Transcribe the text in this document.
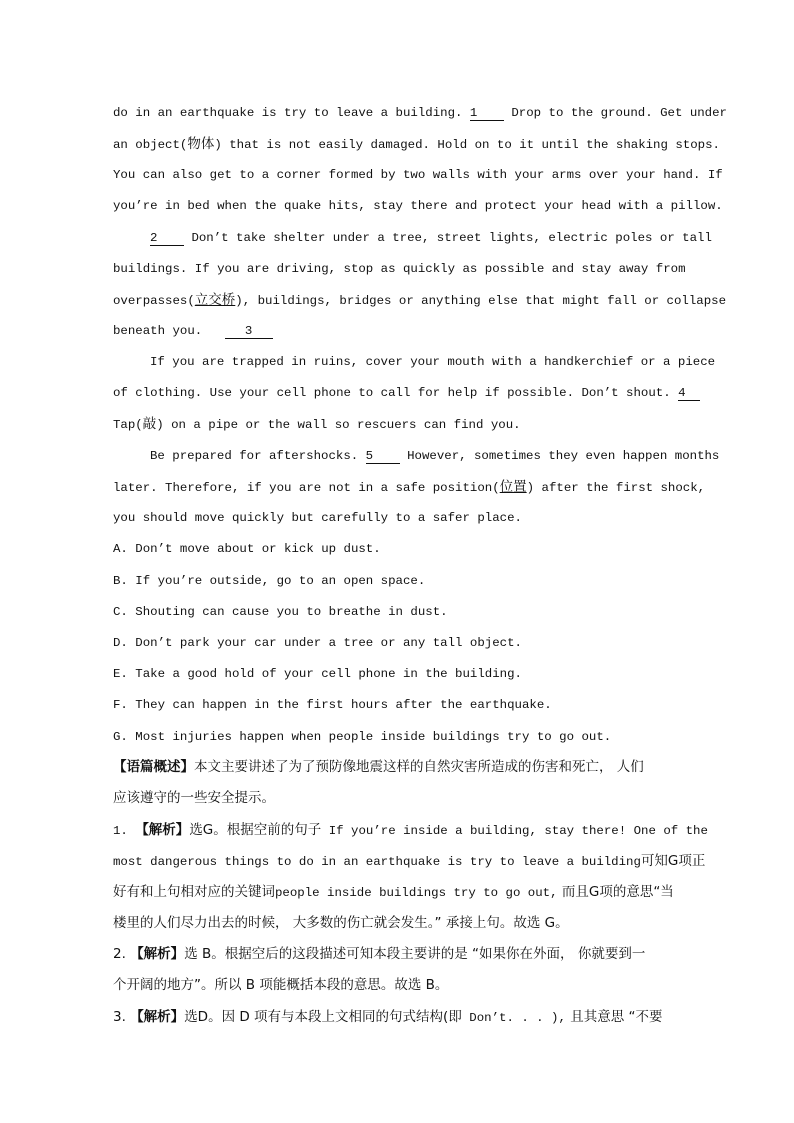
do in an earthquake is try to leave a building. 1	Drop to the ground. Get under
an object(物体) that is not easily damaged. Hold on to it until the shaking stops.
You can also get to a corner formed by two walls with your arms over your hand. If
you’re in bed when the quake hits, stay there and protect your head with a pillow.
2	Don’t take shelter under a tree, street lights, electric poles or tall
buildings. If you are driving, stop as quickly as possible and stay away from
overpasses(立交桥), buildings, bridges or anything else that might fall or collapse
beneath you.	3
If you are trapped in ruins, cover your mouth with a handkerchief or a piece
of clothing. Use your cell phone to call for help if possible. Don’t shout. 4
Tap(敲) on a pipe or the wall so rescuers can find you.
Be prepared for aftershocks. 5	However, sometimes they even happen months
later. Therefore, if you are not in a safe position(位置) after the first shock,
you should move quickly but carefully to a safer place.
A. Don’t move about or kick up dust.
B. If you’re outside, go to an open space.
C. Shouting can cause you to breathe in dust.
D. Don’t park your car under a tree or any tall object.
E. Take a good hold of your cell phone in the building.
F. They can happen in the first hours after the earthquake.
G. Most injuries happen when people inside buildings try to go out.
【语篇概述】本文主要讲述了为了预防像地震这样的自然灾害所造成的伤害和死亡， 人们
应该遵守的一些安全提示。
1. 【解析】选G。根据空前的句子 If you’re inside a building, stay there! One of the
most dangerous things to do in an earthquake is try to leave a building可知G项正
好有和上句相对应的关键词people inside buildings try to go out, 而且G项的意思“当
楼里的人们尽力出去的时候， 大多数的伤亡就会发生。” 承接上句。故选 G。
2. 【解析】选 B。根据空后的这段描述可知本段主要讲的是 “如果你在外面， 你就要到一
个开阔的地方”。所以 B 项能概括本段的意思。故选 B。
3. 【解析】选D。因 D 项有与本段上文相同的句式结构(即 Don’t. . . ), 且其意思 “不要
